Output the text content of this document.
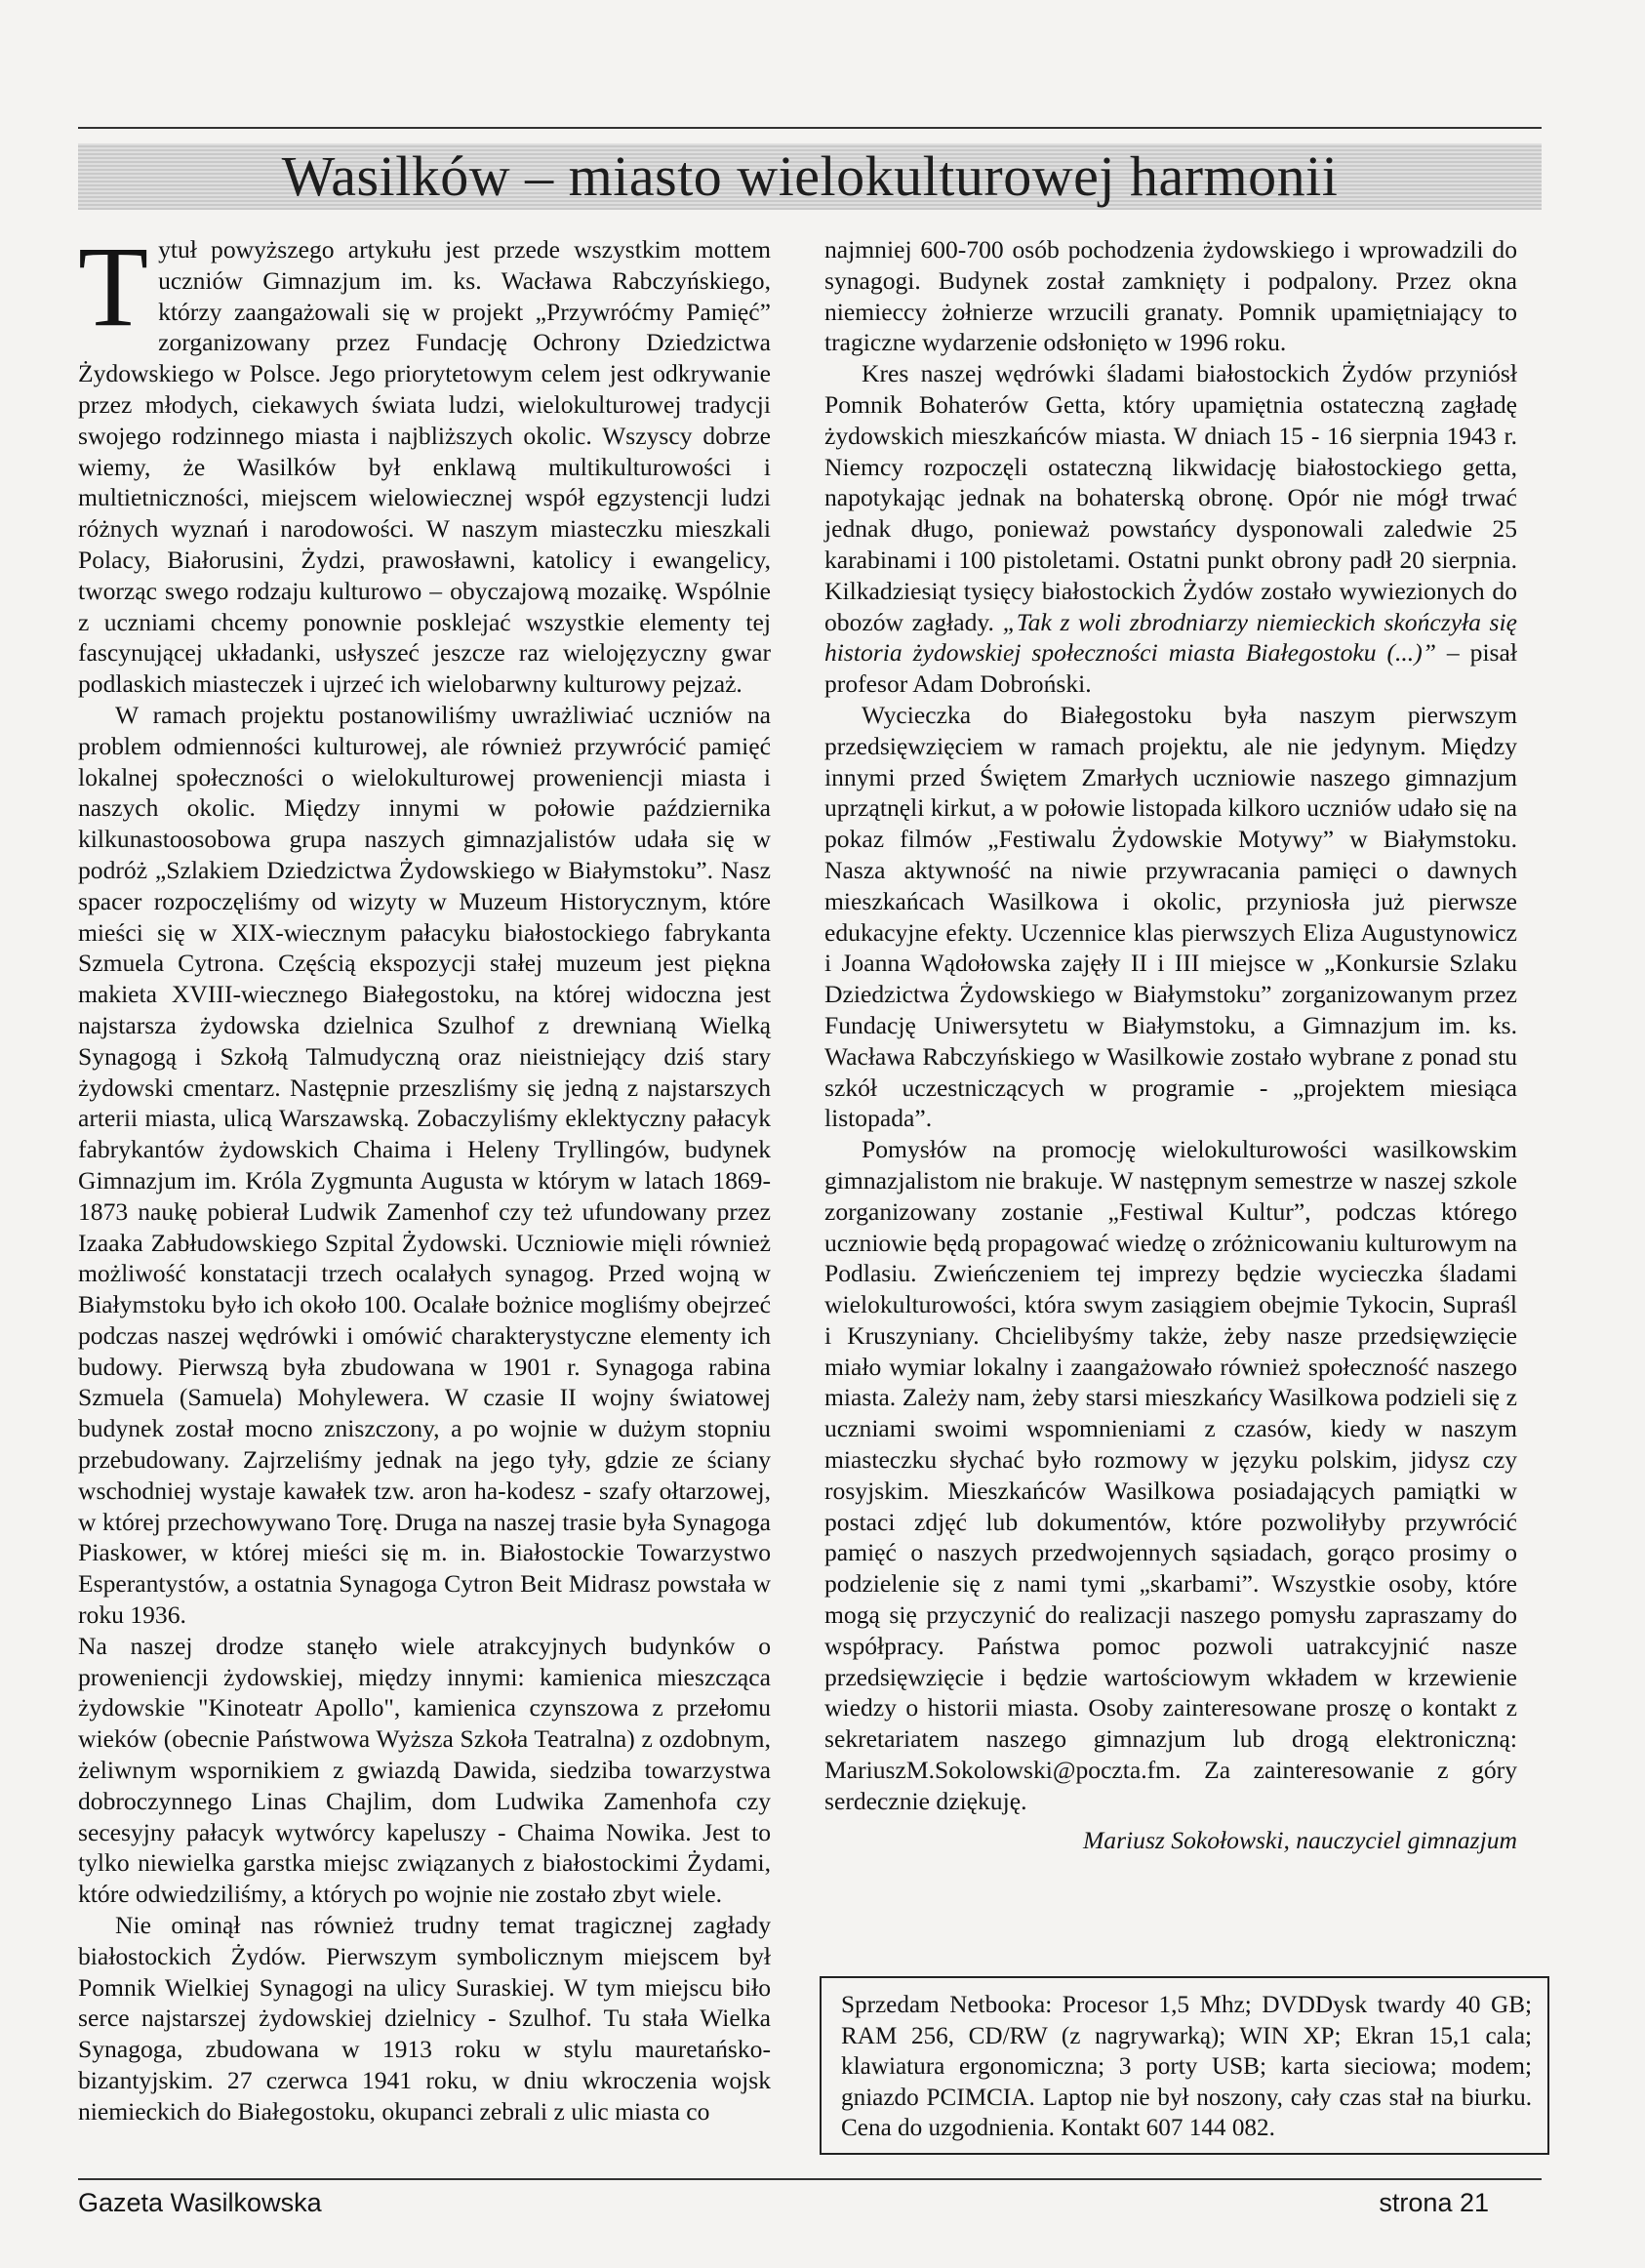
Wasilków – miasto wielokulturowej harmonii

Tytuł powyższego artykułu jest przede wszystkim mottem uczniów Gimnazjum im. ks. Wacława Rabczyńskiego, którzy zaangażowali się w projekt „Przywróćmy Pamięć” zorganizowany przez Fundację Ochrony Dziedzictwa Żydowskiego w Polsce. Jego priorytetowym celem jest odkrywanie przez młodych, ciekawych świata ludzi, wielokulturowej tradycji swojego rodzinnego miasta i najbliższych okolic. Wszyscy dobrze wiemy, że Wasilków był enklawą multikulturowości i multietniczności, miejscem wielowiecznej współ egzystencji ludzi różnych wyznań i narodowości. W naszym miasteczku mieszkali Polacy, Białorusini, Żydzi, prawosławni, katolicy i ewangelicy, tworząc swego rodzaju kulturowo – obyczajową mozaikę. Wspólnie z uczniami chcemy ponownie posklejać wszystkie elementy tej fascynującej układanki, usłyszeć jeszcze raz wielojęzyczny gwar podlaskich miasteczek i ujrzeć ich wielobarwny kulturowy pejzaż.

W ramach projektu postanowiliśmy uwrażliwiać uczniów na problem odmienności kulturowej, ale również przywrócić pamięć lokalnej społeczności o wielokulturowej proweniencji miasta i naszych okolic. Między innymi w połowie października kilkunastoosobowa grupa naszych gimnazjalistów udała się w podróż „Szlakiem Dziedzictwa Żydowskiego w Białymstoku”. Nasz spacer rozpoczęliśmy od wizyty w Muzeum Historycznym, które mieści się w XIX-wiecznym pałacyku białostockiego fabrykanta Szmuela Cytrona. Częścią ekspozycji stałej muzeum jest piękna makieta XVIII-wiecznego Białegostoku, na której widoczna jest najstarsza żydowska dzielnica Szulhof z drewnianą Wielką Synagogą i Szkołą Talmudyczną oraz nieistniejący dziś stary żydowski cmentarz. Następnie przeszliśmy się jedną z najstarszych arterii miasta, ulicą Warszawską. Zobaczyliśmy eklektyczny pałacyk fabrykantów żydowskich Chaima i Heleny Tryllingów, budynek Gimnazjum im. Króla Zygmunta Augusta w którym w latach 1869-1873 naukę pobierał Ludwik Zamenhof czy też ufundowany przez Izaaka Zabłudowskiego Szpital Żydowski. Uczniowie mięli również możliwość konstatacji trzech ocalałych synagog. Przed wojną w Białymstoku było ich około 100. Ocalałe bożnice mogliśmy obejrzeć podczas naszej wędrówki i omówić charakterystyczne elementy ich budowy. Pierwszą była zbudowana w 1901 r. Synagoga rabina Szmuela (Samuela) Mohylewera. W czasie II wojny światowej budynek został mocno zniszczony, a po wojnie w dużym stopniu przebudowany. Zajrzeliśmy jednak na jego tyły, gdzie ze ściany wschodniej wystaje kawałek tzw. aron ha-kodesz - szafy ołtarzowej, w której przechowywano Torę. Druga na naszej trasie była Synagoga Piaskower, w której mieści się m. in. Białostockie Towarzystwo Esperantystów, a ostatnia Synagoga Cytron Beit Midrasz powstała w roku 1936.

Na naszej drodze stanęło wiele atrakcyjnych budynków o proweniencji żydowskiej, między innymi: kamienica mieszcząca żydowskie "Kinoteatr Apollo", kamienica czynszowa z przełomu wieków (obecnie Państwowa Wyższa Szkoła Teatralna) z ozdobnym, żeliwnym wspornikiem z gwiazdą Dawida, siedziba towarzystwa dobroczynnego Linas Chajlim, dom Ludwika Zamenhofa czy secesyjny pałacyk wytwórcy kapeluszy - Chaima Nowika. Jest to tylko niewielka garstka miejsc związanych z białostockimi Żydami, które odwiedziliśmy, a których po wojnie nie zostało zbyt wiele.

Nie ominął nas również trudny temat tragicznej zagłady białostockich Żydów. Pierwszym symbolicznym miejscem był Pomnik Wielkiej Synagogi na ulicy Suraskiej. W tym miejscu biło serce najstarszej żydowskiej dzielnicy - Szulhof. Tu stała Wielka Synagoga, zbudowana w 1913 roku w stylu mauretańsko-bizantyjskim. 27 czerwca 1941 roku, w dniu wkroczenia wojsk niemieckich do Białegostoku, okupanci zebrali z ulic miasta co

najmniej 600-700 osób pochodzenia żydowskiego i wprowadzili do synagogi. Budynek został zamknięty i podpalony. Przez okna niemieccy żołnierze wrzucili granaty. Pomnik upamiętniający to tragiczne wydarzenie odsłonięto w 1996 roku.

Kres naszej wędrówki śladami białostockich Żydów przyniósł Pomnik Bohaterów Getta, który upamiętnia ostateczną zagładę żydowskich mieszkańców miasta. W dniach 15 - 16 sierpnia 1943 r. Niemcy rozpoczęli ostateczną likwidację białostockiego getta, napotykając jednak na bohaterską obronę. Opór nie mógł trwać jednak długo, ponieważ powstańcy dysponowali zaledwie 25 karabinami i 100 pistoletami. Ostatni punkt obrony padł 20 sierpnia. Kilkadziesiąt tysięcy białostockich Żydów zostało wywiezionych do obozów zagłady. „Tak z woli zbrodniarzy niemieckich skończyła się historia żydowskiej społeczności miasta Białegostoku (...)” – pisał profesor Adam Dobroński.

Wycieczka do Białegostoku była naszym pierwszym przedsięwzięciem w ramach projektu, ale nie jedynym. Między innymi przed Świętem Zmarłych uczniowie naszego gimnazjum uprzątnęli kirkut, a w połowie listopada kilkoro uczniów udało się na pokaz filmów „Festiwalu Żydowskie Motywy” w Białymstoku. Nasza aktywność na niwie przywracania pamięci o dawnych mieszkańcach Wasilkowa i okolic, przyniosła już pierwsze edukacyjne efekty. Uczennice klas pierwszych Eliza Augustynowicz i Joanna Wądołowska zajęły II i III miejsce w „Konkursie Szlaku Dziedzictwa Żydowskiego w Białymstoku” zorganizowanym przez Fundację Uniwersytetu w Białymstoku, a Gimnazjum im. ks. Wacława Rabczyńskiego w Wasilkowie zostało wybrane z ponad stu szkół uczestniczących w programie - „projektem miesiąca listopada”.

Pomysłów na promocję wielokulturowości wasilkowskim gimnazjalistom nie brakuje. W następnym semestrze w naszej szkole zorganizowany zostanie „Festiwal Kultur”, podczas którego uczniowie będą propagować wiedzę o zróżnicowaniu kulturowym na Podlasiu. Zwieńczeniem tej imprezy będzie wycieczka śladami wielokulturowości, która swym zasiągiem obejmie Tykocin, Supraśl i Kruszyniany. Chcielibyśmy także, żeby nasze przedsięwzięcie miało wymiar lokalny i zaangażowało również społeczność naszego miasta. Zależy nam, żeby starsi mieszkańcy Wasilkowa podzieli się z uczniami swoimi wspomnieniami z czasów, kiedy w naszym miasteczku słychać było rozmowy w języku polskim, jidysz czy rosyjskim. Mieszkańców Wasilkowa posiadających pamiątki w postaci zdjęć lub dokumentów, które pozwoliłyby przywrócić pamięć o naszych przedwojennych sąsiadach, gorąco prosimy o podzielenie się z nami tymi „skarbami”. Wszystkie osoby, które mogą się przyczynić do realizacji naszego pomysłu zapraszamy do współpracy. Państwa pomoc pozwoli uatrakcyjnić nasze przedsięwzięcie i będzie wartościowym wkładem w krzewienie wiedzy o historii miasta. Osoby zainteresowane proszę o kontakt z sekretariatem naszego gimnazjum lub drogą elektroniczną: MariuszM.Sokolowski@poczta.fm. Za zainteresowanie z góry serdecznie dziękuję.

Mariusz Sokołowski, nauczyciel gimnazjum

Sprzedam Netbooka: Procesor 1,5 Mhz; DVDDysk twardy 40 GB; RAM 256, CD/RW (z nagrywarką); WIN XP; Ekran 15,1 cala; klawiatura ergonomiczna; 3 porty USB; karta sieciowa; modem; gniazdo PCIMCIA. Laptop nie był noszony, cały czas stał na biurku. Cena do uzgodnienia. Kontakt 607 144 082.
Gazeta Wasilkowska	strona 21
